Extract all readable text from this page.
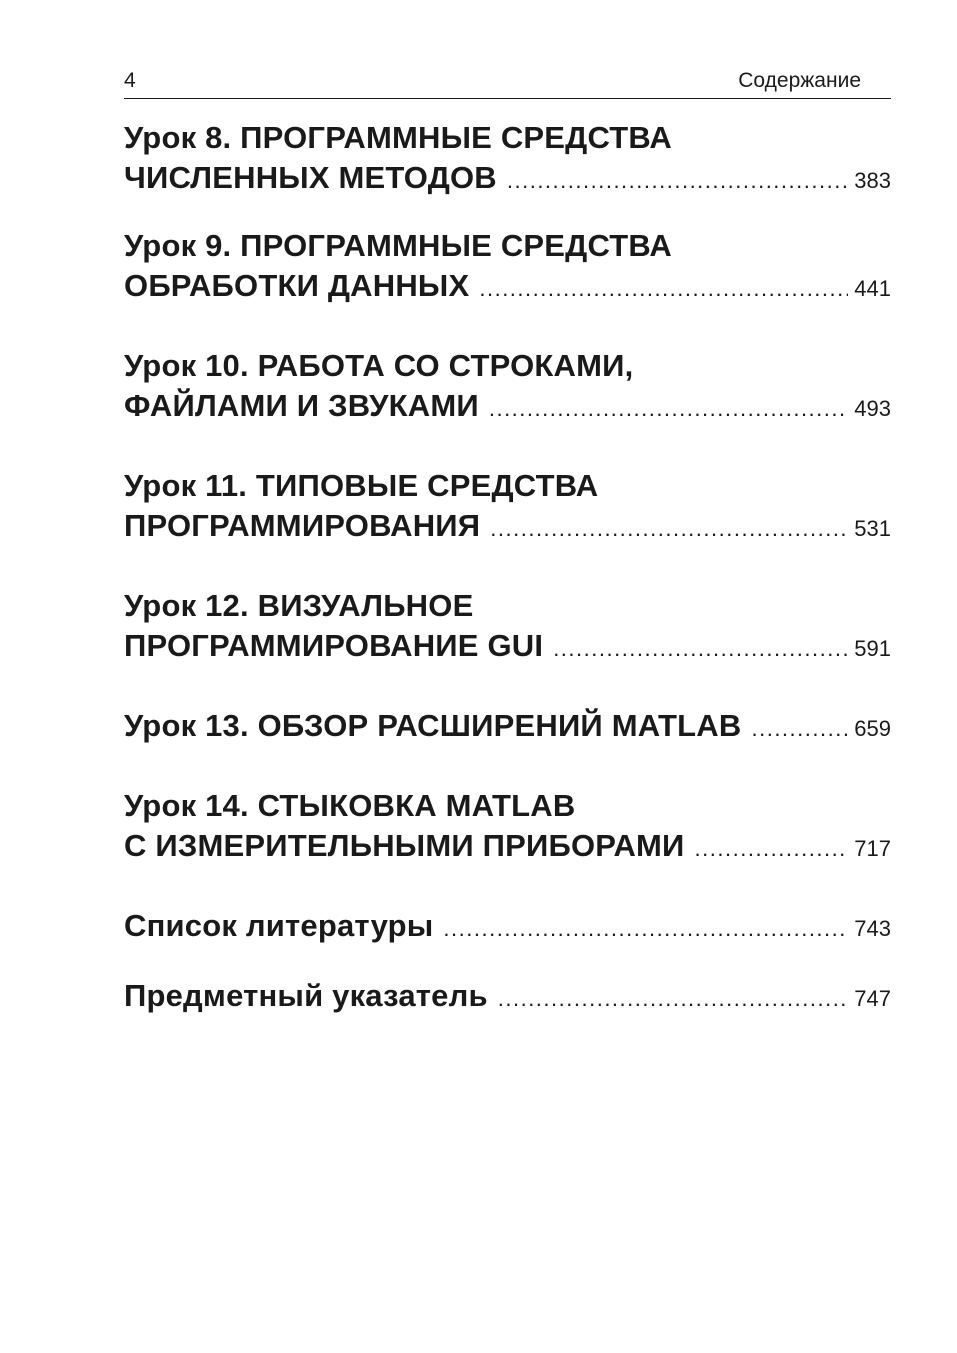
4	Содержание
Урок 8. ПРОГРАММНЫЕ СРЕДСТВА
ЧИСЛЕННЫХ МЕТОДОВ .....	383
Урок 9. ПРОГРАММНЫЕ СРЕДСТВА
ОБРАБОТКИ ДАННЫХ .....	441
Урок 10. РАБОТА СО СТРОКАМИ,
ФАЙЛАМИ И ЗВУКАМИ .....	493
Урок 11. ТИПОВЫЕ СРЕДСТВА
ПРОГРАММИРОВАНИЯ .....	531
Урок 12. ВИЗУАЛЬНОЕ
ПРОГРАММИРОВАНИЕ GUI .....	591
Урок 13. ОБЗОР РАСШИРЕНИЙ MATLAB .....	659
Урок 14. СТЫКОВКА MATLAB
С ИЗМЕРИТЕЛЬНЫМИ ПРИБОРАМИ .....	717
Список литературы .....	743
Предметный указатель .....	747
